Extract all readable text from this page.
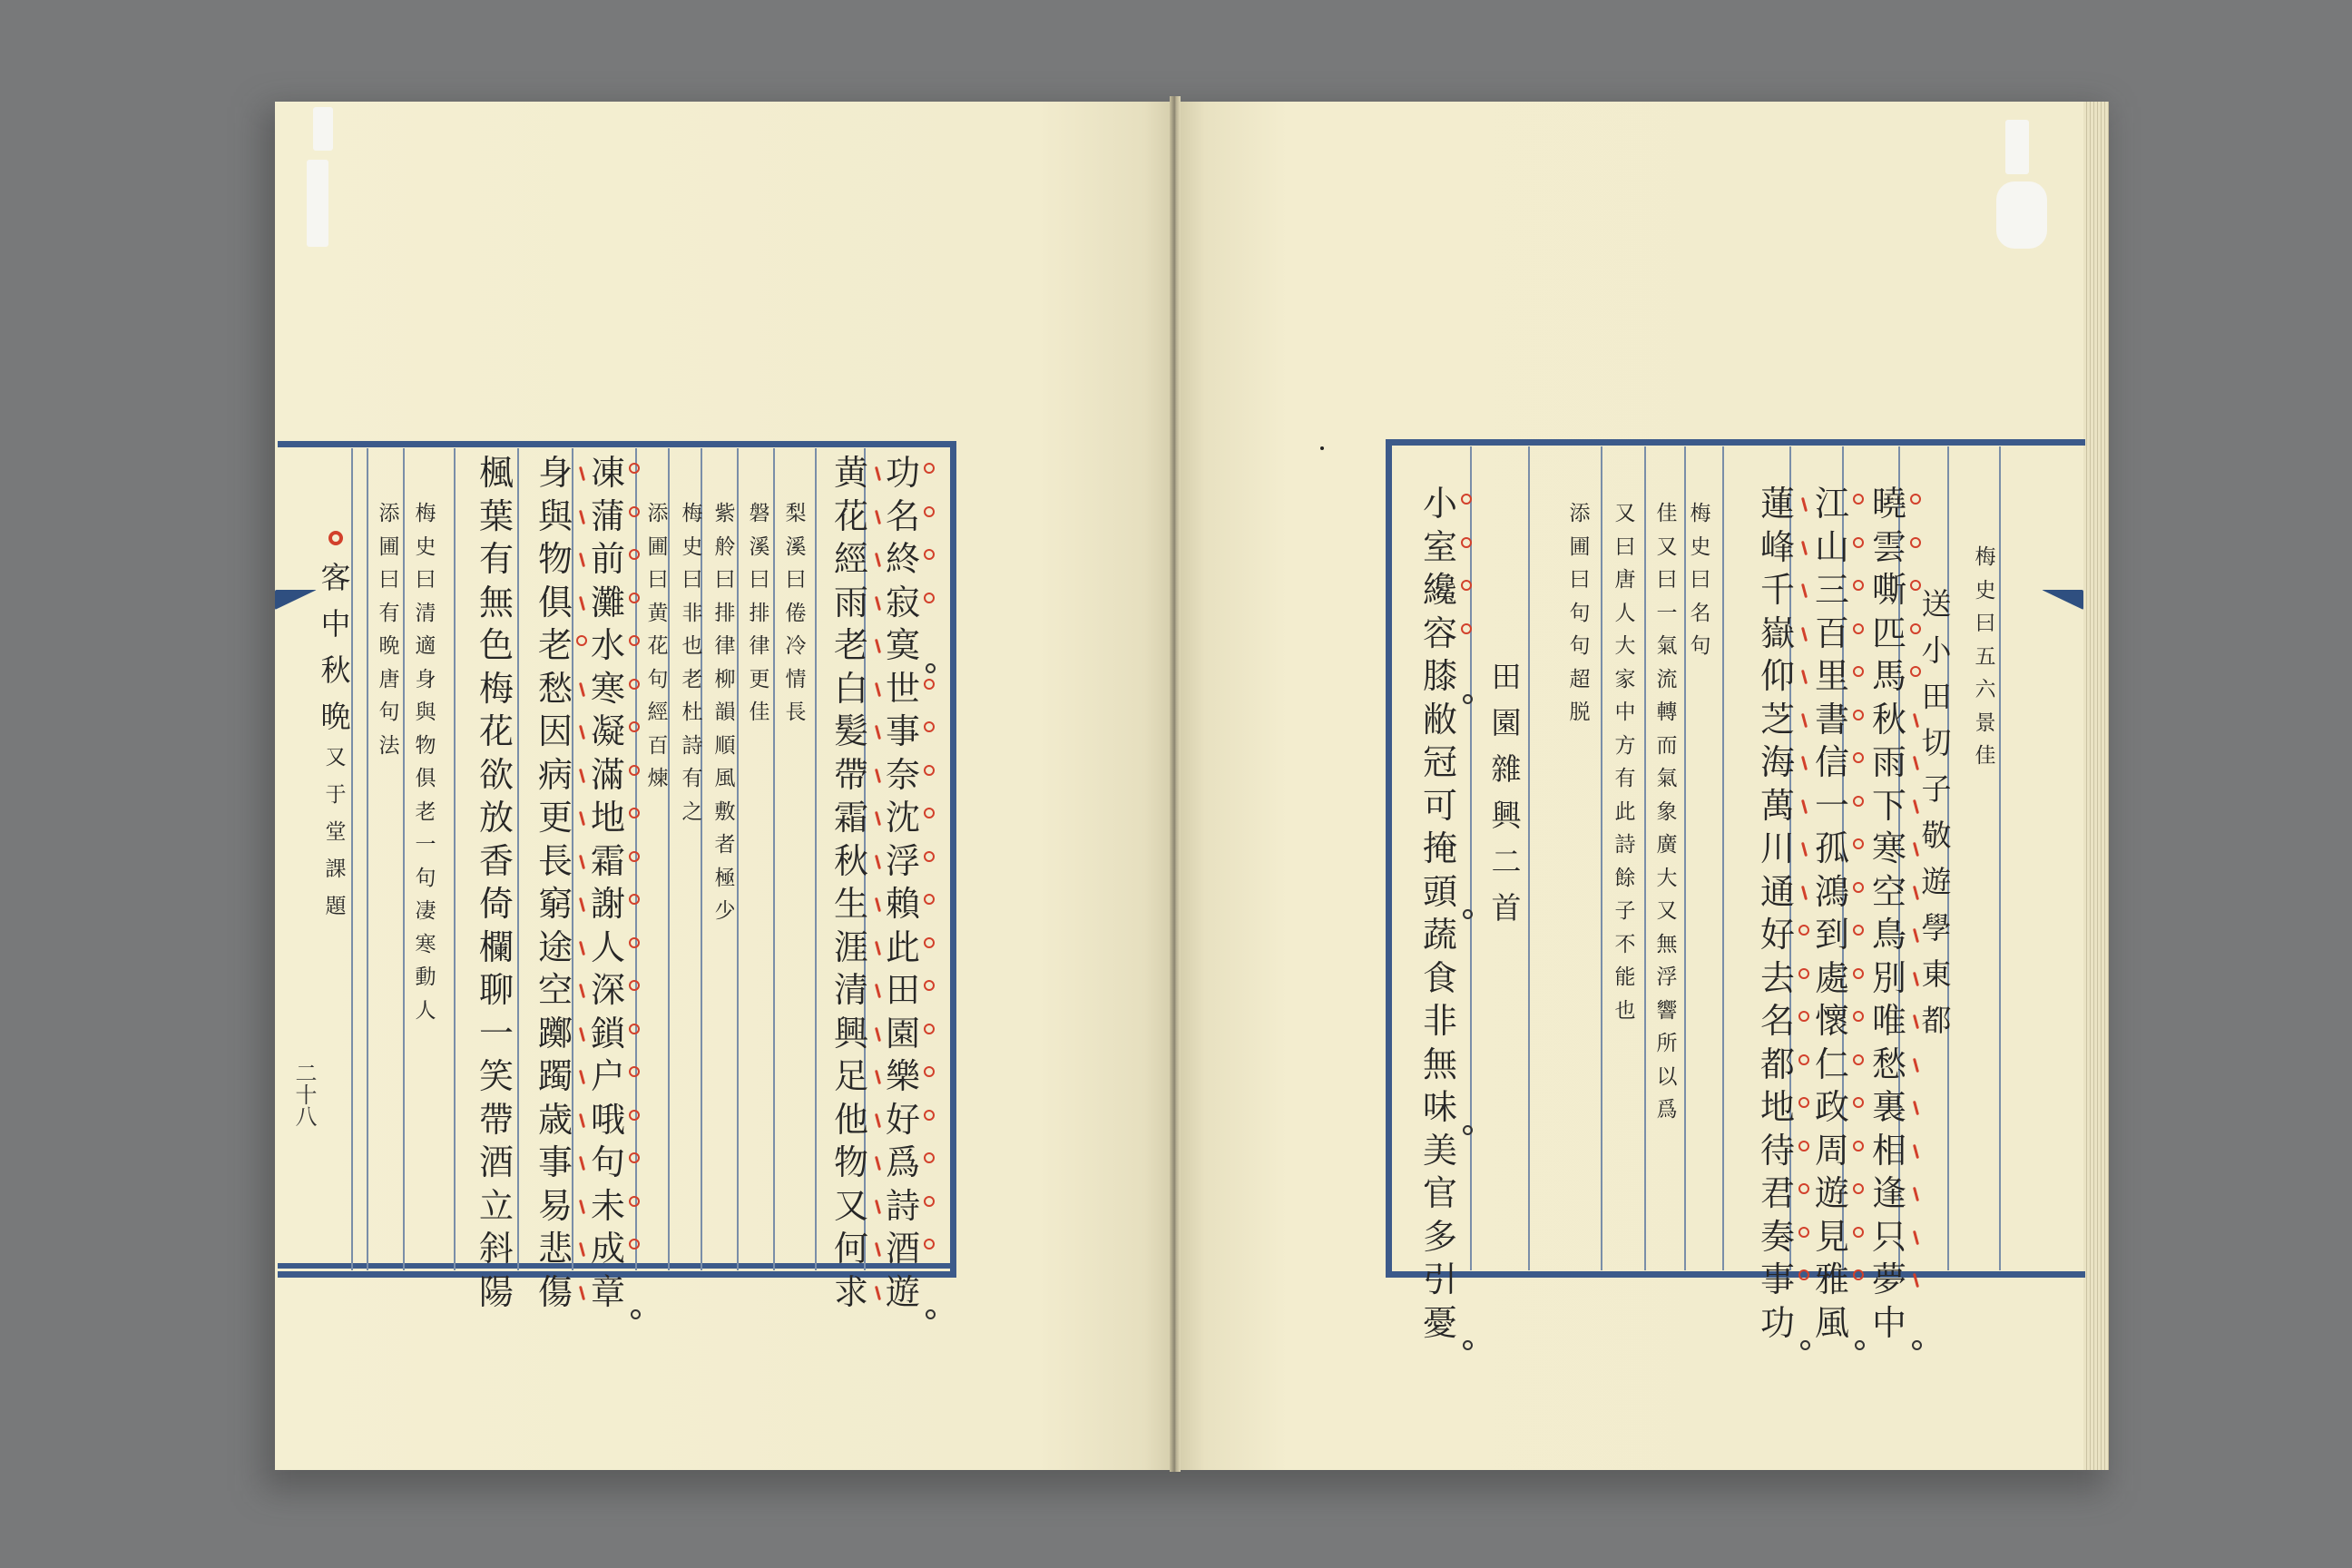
功
名
終
寂
寞
世
事
奈
沈
浮
賴
此
田
園
樂
好
爲
詩
酒
遊
黄
花
經
雨
老
白
髪
帶
霜
秋
生
涯
清
興
足
他
物
又
何
求
梨
溪
曰
倦
冷
情
長
磐
溪
曰
排
律
更
佳
紫
舲
曰
排
律
柳
韻
順
風
敷
者
極
少
梅
史
曰
非
也
老
杜
詩
有
之
添
圃
曰
黄
花
句
經
百
煉
凍
蒲
前
灘
水
寒
凝
滿
地
霜
謝
人
深
鎖
户
哦
句
未
成
章
身
與
物
俱
老
愁
因
病
更
長
窮
途
空
躑
躅
歳
事
易
悲
傷
楓
葉
有
無
色
梅
花
欲
放
香
倚
欄
聊
一
笑
帶
酒
立
斜
陽
梅
史
曰
清
適
身
與
物
俱
老
一
句
凄
寒
動
人
添
圃
曰
有
晩
唐
句
法
客
中
秋
晩
又
于
堂
課
題
二十八
梅
史
曰
五
六
景
佳
送
小
田
切
子
敬
遊
學
東
都
曉
雲
嘶
匹
馬
秋
雨
下
寒
空
鳥
別
唯
愁
裏
相
逢
只
夢
中
江
山
三
百
里
書
信
一
孤
鴻
到
處
懷
仁
政
周
遊
見
雅
風
蓮
峰
千
嶽
仰
芝
海
萬
川
通
好
去
名
都
地
待
君
奏
事
功
梅
史
曰
名
句
佳
又
曰
一
氣
流
轉
而
氣
象
廣
大
又
無
浮
響
所
以
爲
又
曰
唐
人
大
家
中
方
有
此
詩
餘
子
不
能
也
添
圃
曰
句
句
超
脱
田
園
雜
興
二
首
小
室
纔
容
膝
敝
冠
可
掩
頭
蔬
食
非
無
味
美
官
多
引
憂
